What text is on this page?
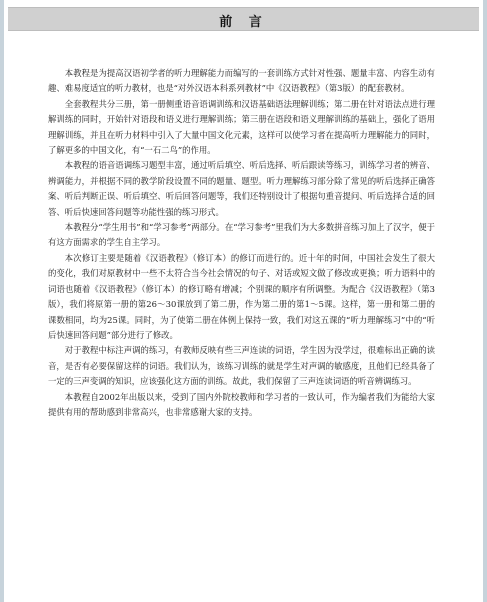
前 言

本教程是为提高汉语初学者的听力理解能力而编写的一套训练方式针对性强、题量丰富、内容生动有趣、难易度适宜的听力教材，也是“对外汉语本科系列教材”中《汉语教程》（第3版）的配套教材。

全套教程共分三册，第一册侧重语音语调训练和汉语基础语法理解训练；第二册在针对语法点进行理解训练的同时，开始针对语段和语义进行理解训练；第三册在语段和语义理解训练的基础上，强化了语用理解训练，并且在听力材料中引入了大量中国文化元素，这样可以使学习者在提高听力理解能力的同时，了解更多的中国文化，有“一石二鸟”的作用。

本教程的语音语调练习题型丰富，通过听后填空、听后选择、听后跟读等练习，训练学习者的辨音、辨调能力，并根据不同的教学阶段设置不同的题量、题型。听力理解练习部分除了常见的听后选择正确答案、听后判断正误、听后填空、听后回答问题等，我们还特别设计了根据句重音提问、听后选择合适的回答、听后快速回答问题等功能性强的练习形式。

本教程分“学生用书”和“学习参考”两部分。在“学习参考”里我们为大多数拼音练习加上了汉字，便于有这方面需求的学生自主学习。

本次修订主要是随着《汉语教程》（修订本）的修订而进行的。近十年的时间，中国社会发生了很大的变化，我们对原教材中一些不太符合当今社会情况的句子、对话或短文做了修改或更换；听力语料中的词语也随着《汉语教程》（修订本）的修订略有增减；个别课的顺序有所调整。为配合《汉语教程》（第3版），我们将原第一册的第26～30课放到了第二册，作为第二册的第1～5课。这样，第一册和第二册的课数相同，均为25课。同时，为了使第二册在体例上保持一致，我们对这五课的“听力理解练习”中的“听后快速回答问题”部分进行了修改。

对于教程中标注声调的练习，有教师反映有些三声连读的词语，学生因为没学过，很难标出正确的读音，是否有必要保留这样的词语。我们认为，该练习训练的就是学生对声调的敏感度，且他们已经具备了一定的三声变调的知识，应该强化这方面的训练。故此，我们保留了三声连读词语的听音辨调练习。

本教程自2002年出版以来，受到了国内外院校教师和学习者的一致认可，作为编者我们为能给大家提供有用的帮助感到非常高兴，也非常感谢大家的支持。
